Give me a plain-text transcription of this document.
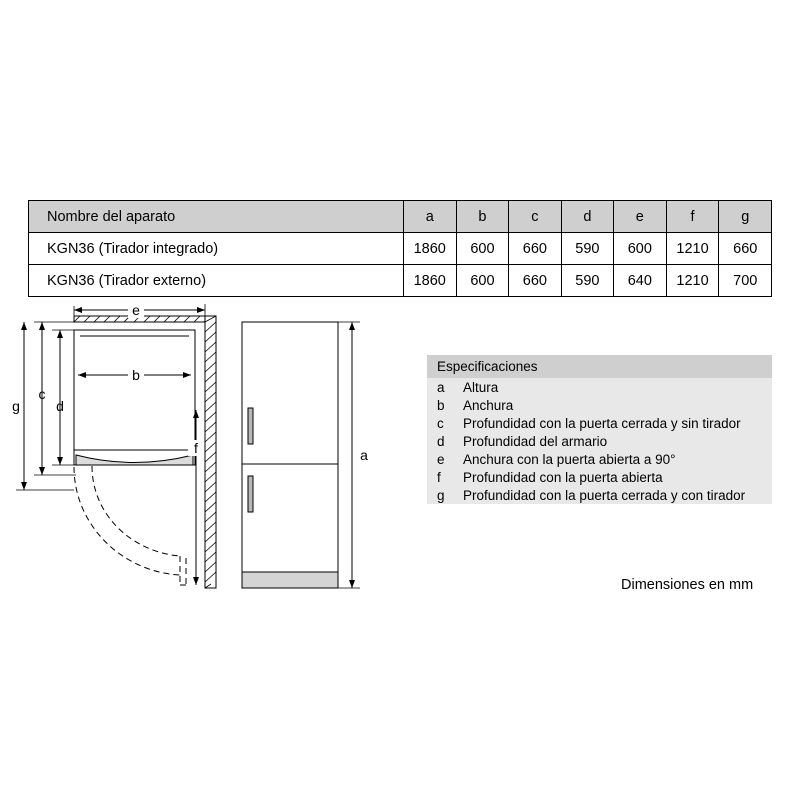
Nombre del aparato	a	b	c	d	e	f	g
KGN36 (Tirador integrado)	1860	600	660	590	600	1210	660
KGN36 (Tirador externo)	1860	600	660	590	640	1210	700
e
b
g
c
d
f	a
Especificaciones
a	Altura
b	Anchura
c	Profundidad con la puerta cerrada y sin tirador
d	Profundidad del armario
e	Anchura con la puerta abierta a 90°
f	Profundidad con la puerta abierta
g	Profundidad con la puerta cerrada y con tirador
Dimensiones en mm
